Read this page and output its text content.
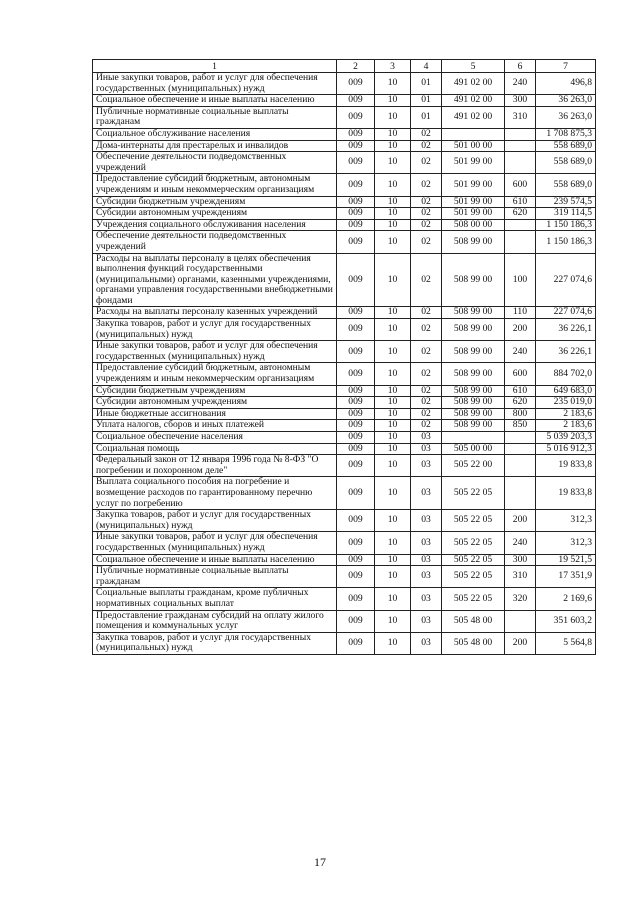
1	2	3	4	5	6	7
Иные закупки товаров, работ и услуг для обеспечения государственных (муниципальных) нужд	009	10	01	491 02 00	240	496,8
Социальное обеспечение и иные выплаты населению	009	10	01	491 02 00	300	36 263,0
Публичные нормативные социальные выплаты гражданам	009	10	01	491 02 00	310	36 263,0
Социальное обслуживание населения	009	10	02			1 708 875,3
Дома-интернаты для престарелых и инвалидов	009	10	02	501 00 00		558 689,0
Обеспечение деятельности подведомственных учреждений	009	10	02	501 99 00		558 689,0
Предоставление субсидий бюджетным, автономным учреждениям и иным некоммерческим организациям	009	10	02	501 99 00	600	558 689,0
Субсидии бюджетным учреждениям	009	10	02	501 99 00	610	239 574,5
Субсидии автономным учреждениям	009	10	02	501 99 00	620	319 114,5
Учреждения социального обслуживания населения	009	10	02	508 00 00		1 150 186,3
Обеспечение деятельности подведомственных учреждений	009	10	02	508 99 00		1 150 186,3
Расходы на выплаты персоналу в целях обеспечения выполнения функций государственными (муниципальными) органами, казенными учреждениями, органами управления государственными внебюджетными фондами	009	10	02	508 99 00	100	227 074,6
Расходы на выплаты персоналу казенных учреждений	009	10	02	508 99 00	110	227 074,6
Закупка товаров, работ и услуг для государственных (муниципальных) нужд	009	10	02	508 99 00	200	36 226,1
Иные закупки товаров, работ и услуг для обеспечения государственных (муниципальных) нужд	009	10	02	508 99 00	240	36 226,1
Предоставление субсидий бюджетным, автономным учреждениям и иным некоммерческим организациям	009	10	02	508 99 00	600	884 702,0
Субсидии бюджетным учреждениям	009	10	02	508 99 00	610	649 683,0
Субсидии автономным учреждениям	009	10	02	508 99 00	620	235 019,0
Иные бюджетные ассигнования	009	10	02	508 99 00	800	2 183,6
Уплата налогов, сборов и иных платежей	009	10	02	508 99 00	850	2 183,6
Социальное обеспечение населения	009	10	03			5 039 203,3
Социальная помощь	009	10	03	505 00 00		5 016 912,3
Федеральный закон от 12 января 1996 года № 8-ФЗ "О погребении и похоронном деле"	009	10	03	505 22 00		19 833,8
Выплата социального пособия на погребение и возмещение расходов по гарантированному перечню услуг по погребению	009	10	03	505 22 05		19 833,8
Закупка товаров, работ и услуг для государственных (муниципальных) нужд	009	10	03	505 22 05	200	312,3
Иные закупки товаров, работ и услуг для обеспечения государственных (муниципальных) нужд	009	10	03	505 22 05	240	312,3
Социальное обеспечение и иные выплаты населению	009	10	03	505 22 05	300	19 521,5
Публичные нормативные социальные выплаты гражданам	009	10	03	505 22 05	310	17 351,9
Социальные выплаты гражданам, кроме публичных нормативных социальных выплат	009	10	03	505 22 05	320	2 169,6
Предоставление гражданам субсидий на оплату жилого помещения и коммунальных услуг	009	10	03	505 48 00		351 603,2
Закупка товаров, работ и услуг для государственных (муниципальных) нужд	009	10	03	505 48 00	200	5 564,8
17
